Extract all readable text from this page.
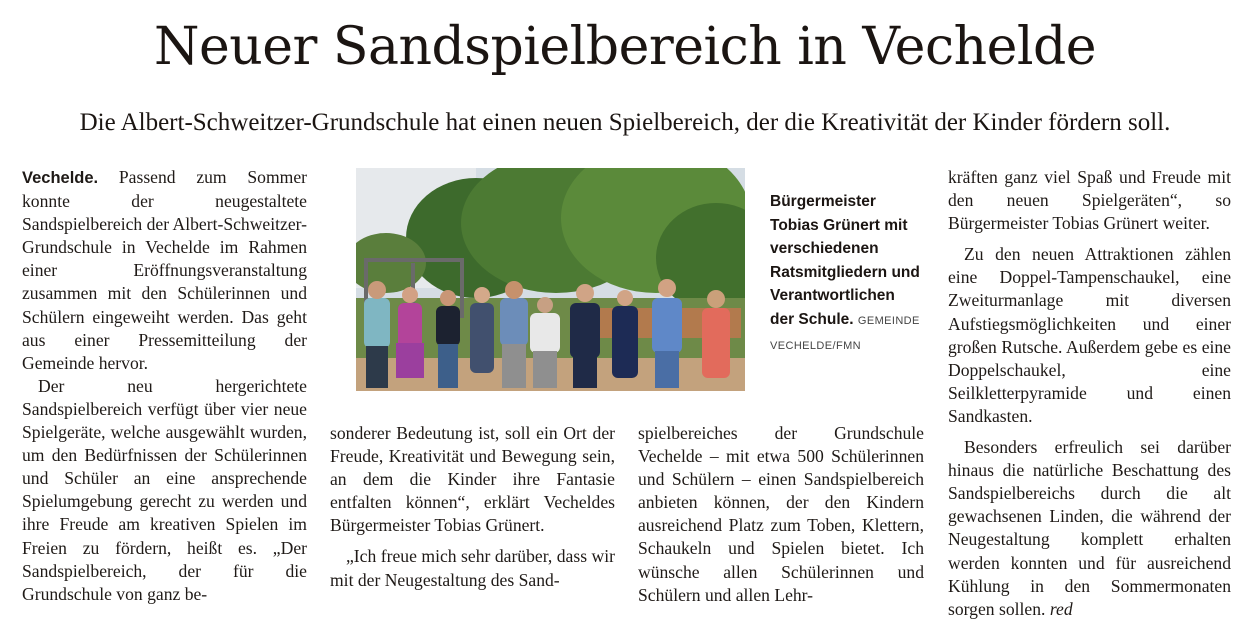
Neuer Sandspielbereich in Vechelde
Die Albert-Schweitzer-Grundschule hat einen neuen Spielbereich, der die Kreativität der Kinder fördern soll.

Vechelde. Passend zum Sommer konnte der neugestaltete Sandspielbereich der Albert-Schweitzer-Grundschule in Vechelde im Rahmen einer Eröffnungsveranstaltung zusammen mit den Schülerinnen und Schülern eingeweiht werden. Das geht aus einer Pressemitteilung der Gemeinde hervor.

Der neu hergerichtete Sandspielbereich verfügt über vier neue Spielgeräte, welche ausgewählt wurden, um den Bedürfnissen der Schülerinnen und Schüler an eine ansprechende Spielumgebung gerecht zu werden und ihre Freude am kreativen Spielen im Freien zu fördern, heißt es. „Der Sandspielbereich, der für die Grundschule von ganz be-

Bürgermeister Tobias Grünert mit verschiedenen Ratsmitgliedern und Verantwortlichen der Schule. GEMEINDE VECHELDE/FMN

sonderer Bedeutung ist, soll ein Ort der Freude, Kreativität und Bewegung sein, an dem die Kinder ihre Fantasie entfalten können“, erklärt Vecheldes Bürgermeister Tobias Grünert.

„Ich freue mich sehr darüber, dass wir mit der Neugestaltung des Sand-

spielbereiches der Grundschule Vechelde – mit etwa 500 Schülerinnen und Schülern – einen Sandspielbereich anbieten können, der den Kindern ausreichend Platz zum Toben, Klettern, Schaukeln und Spielen bietet. Ich wünsche allen Schülerinnen und Schülern und allen Lehr-

kräften ganz viel Spaß und Freude mit den neuen Spielgeräten“, so Bürgermeister Tobias Grünert weiter.

Zu den neuen Attraktionen zählen eine Doppel-Tampenschaukel, eine Zweiturmanlage mit diversen Aufstiegsmöglichkeiten und einer großen Rutsche. Außerdem gebe es eine Doppelschaukel, eine Seilkletterpyramide und einen Sandkasten.

Besonders erfreulich sei darüber hinaus die natürliche Beschattung des Sandspielbereichs durch die alt gewachsenen Linden, die während der Neugestaltung komplett erhalten werden konnten und für ausreichend Kühlung in den Sommermonaten sorgen sollen. red
